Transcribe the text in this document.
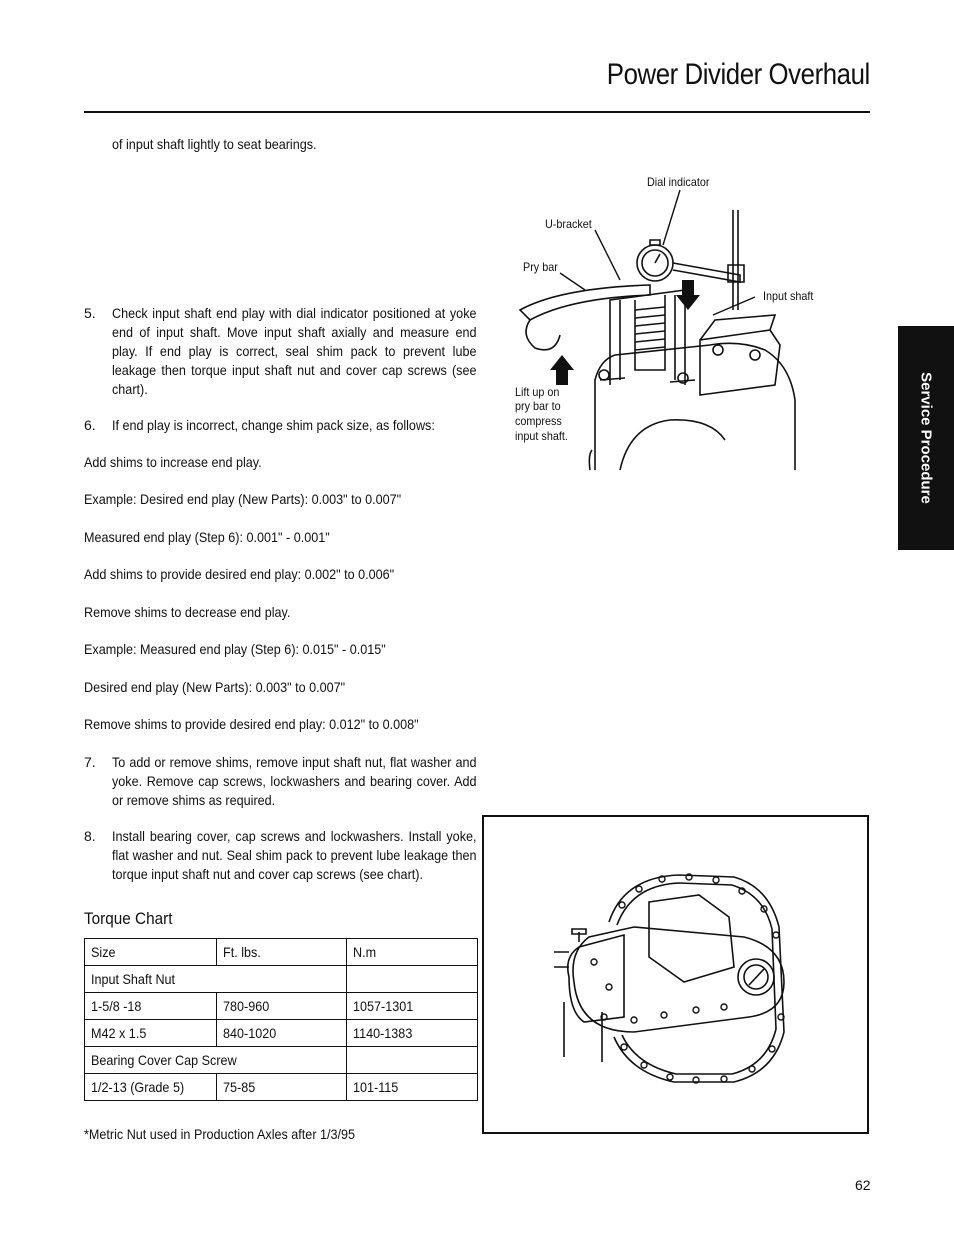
Power Divider Overhaul
of input shaft lightly to seat bearings.
5. Check input shaft end play with dial indicator positioned at yoke end of input shaft. Move input shaft axially and measure end play. If end play is correct, seal shim pack to prevent lube leakage then torque input shaft nut and cover cap screws (see chart).
6. If end play is incorrect, change shim pack size, as follows:
Add shims to increase end play.
Example: Desired end play (New Parts): 0.003" to 0.007"
Measured end play (Step 6): 0.001" - 0.001"
Add shims to provide desired end play: 0.002" to 0.006"
Remove shims to decrease end play.
Example: Measured end play (Step 6): 0.015" - 0.015"
Desired end play (New Parts): 0.003" to 0.007"
Remove shims to provide desired end play: 0.012" to 0.008"
7. To add or remove shims, remove input shaft nut, flat washer and yoke. Remove cap screws, lockwashers and bearing cover. Add or remove shims as required.
8. Install bearing cover, cap screws and lockwashers. Install yoke, flat washer and nut. Seal shim pack to prevent lube leakage then torque input shaft nut and cover cap screws (see chart).
Torque Chart
Size	Ft. lbs.	N.m
Input Shaft Nut		
1-5/8 -18	780-960	1057-1301
M42 x 1.5	840-1020	1140-1383
Bearing Cover Cap Screw		
1/2-13 (Grade 5)	75-85	101-115
*Metric Nut used in Production Axles after 1/3/95
Service Procedure
Dial indicator
U-bracket
Pry bar
Input shaft
Lift up on
pry bar to
compress
input shaft.
62
